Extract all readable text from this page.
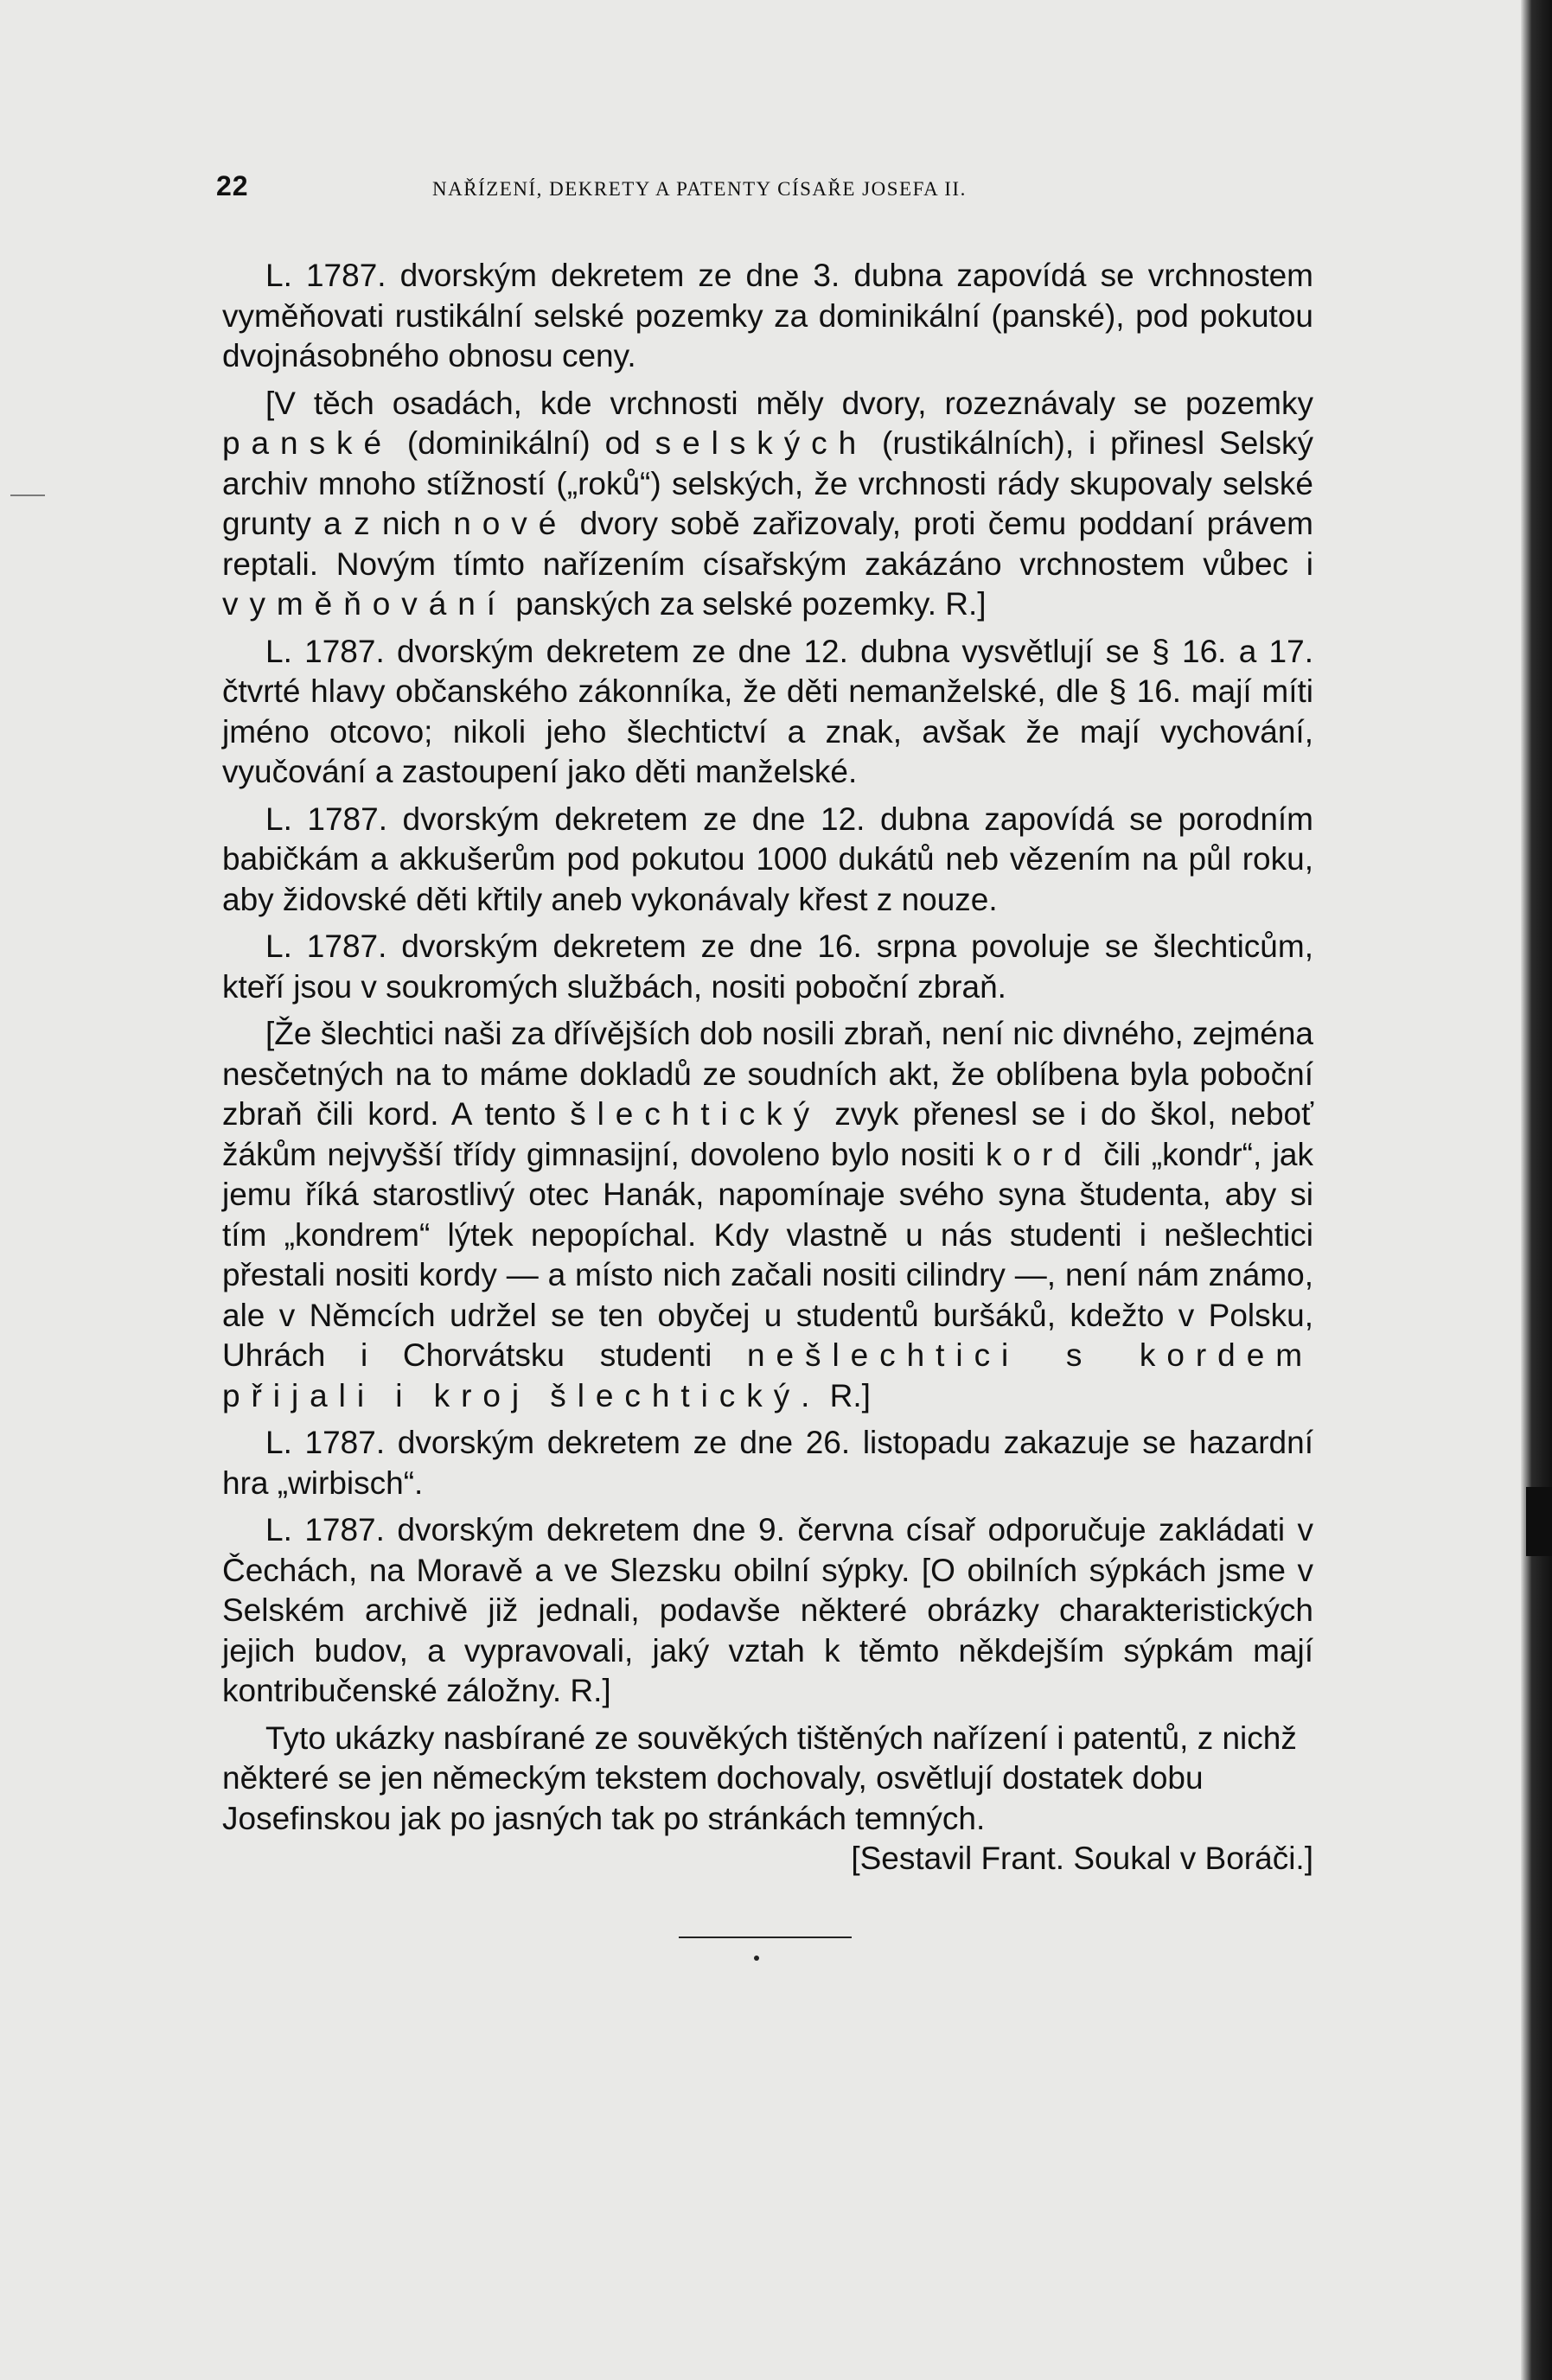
22	NAŘÍZENÍ, DEKRETY A PATENTY CÍSAŘE JOSEFA II.

L. 1787. dvorským dekretem ze dne 3. dubna zapovídá se vrchnostem vyměňovati rustikální selské pozemky za dominikální (panské), pod pokutou dvojnásobného obnosu ceny.

[V těch osadách, kde vrchnosti měly dvory, rozeznávaly se pozemky panské (dominikální) od selských (rustikálních), i přinesl Selský archiv mnoho stížností („roků“) selských, že vrchnosti rády skupovaly selské grunty a z nich nové dvory sobě zařizovaly, proti čemu poddaní právem reptali. Novým tímto nařízením císařským zakázáno vrchnostem vůbec i vyměňování panských za selské pozemky. R.]

L. 1787. dvorským dekretem ze dne 12. dubna vysvětlují se § 16. a 17. čtvrté hlavy občanského zákonníka, že děti nemanželské, dle § 16. mají míti jméno otcovo; nikoli jeho šlechtictví a znak, avšak že mají vychování, vyučování a zastoupení jako děti manželské.

L. 1787. dvorským dekretem ze dne 12. dubna zapovídá se porodním babičkám a akkušerům pod pokutou 1000 dukátů neb vězením na půl roku, aby židovské děti křtily aneb vykonávaly křest z nouze.

L. 1787. dvorským dekretem ze dne 16. srpna povoluje se šlechticům, kteří jsou v soukromých službách, nositi poboční zbraň.

[Že šlechtici naši za dřívějších dob nosili zbraň, není nic divného, zejména nesčetných na to máme dokladů ze soudních akt, že oblíbena byla poboční zbraň čili kord. A tento šlechtický zvyk přenesl se i do škol, neboť žákům nejvyšší třídy gimnasijní, dovoleno bylo nositi kord čili „kondr“, jak jemu říká starostlivý otec Hanák, napomínaje svého syna študenta, aby si tím „kondrem“ lýtek nepopíchal. Kdy vlastně u nás studenti i nešlechtici přestali nositi kordy — a místo nich začali nositi cilindry —, není nám známo, ale v Němcích udržel se ten obyčej u studentů buršáků, kdežto v Polsku, Uhrách i Chorvátsku studenti nešlechtici s kordem přijali i kroj šlechtický. R.]

L. 1787. dvorským dekretem ze dne 26. listopadu zakazuje se hazardní hra „wirbisch“.

L. 1787. dvorským dekretem dne 9. června císař odporučuje zakládati v Čechách, na Moravě a ve Slezsku obilní sýpky. [O obilních sýpkách jsme v Selském archivě již jednali, podavše některé obrázky charakteristických jejich budov, a vypravovali, jaký vztah k těmto někdejším sýpkám mají kontribučenské záložny. R.]

Tyto ukázky nasbírané ze souvěkých tištěných nařízení i patentů, z nichž některé se jen německým tekstem dochovaly, osvětlují dostatek dobu Josefinskou jak po jasných tak po stránkách temných.
[Sestavil Frant. Soukal v Boráči.]
